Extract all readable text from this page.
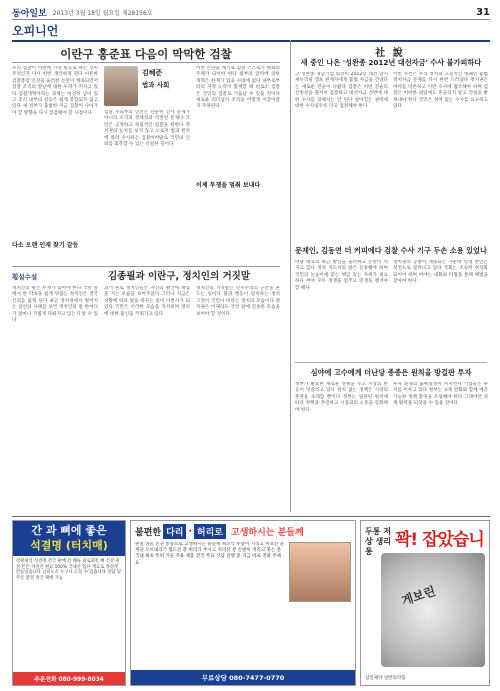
동아일보 2013년 3월 18일 월요일 제28156호	31
오피니언
이란구 홍준표 다음이 막막한 검찰
우리 검찰이 이번에 가장 필요로 하는 것이 무엇인지 다시 한번 생각하게 된다 이른바 검찰총장 인선을 둘러싼 논란이 계속되면서 검찰 조직의 앞날에 대한 우려가 커지고 있다 검찰개혁이라는 과제는 여전히 남아 있고 조직 내부의 갈등은 쉽게 봉합되지 않고 있다 새 정부가 출범한 지금 검찰이 나아가야 할 방향을 다시 점검해야 할 시점이다
김혜준
법과 사회
검찰 수뇌부의 인선은 단순한 인사 문제가 아니라 조직의 정체성과 직결된 문제다 국민은 공정하고 독립적인 검찰을 원한다 정치권의 눈치를 보지 않고 오로지 법과 원칙에 따라 수사하는 검찰이야말로 국민의 신뢰를 회복할 수 있는 유일한 길이다
이번 논란을 계기로 검찰 스스로가 변화의 주체가 되어야 한다 외부의 압력에 의한 개혁은 한계가 있을 수밖에 없다 내부로부터의 자정 노력이 함께할 때 비로소 검찰은 국민의 검찰로 거듭날 수 있을 것이다 새로운 리더십이 조직을 어떻게 이끌어갈지 주목된다
다소 오랜 인재 찾기 갈등
이제 투쟁을 멈춰 보내다
社 說
새 중인 나온 '성완종 2012년 대선자금' 수사 불가피하다
고 성완종 경남기업 회장이 2012년 대선 당시 새누리당 캠프 관계자에게 불법 자금을 건넸다는 새로운 진술이 나왔다 검찰은 이번 진술의 신빙성을 철저히 검증하고 대선자금 전반에 대한 수사를 피해서는 안 된다 살아있는 권력에 대한 수사일수록 더욱 엄정해야 한다
이번 사건은 우리 정치의 고질적인 병폐인 불법 정치자금 문제를 다시 한번 드러냈다 정치권은 여야를 막론하고 이번 수사에 협조해야 하며 검찰은 어떠한 외압에도 흔들리지 말고 진실을 밝혀내야 한다 국민은 성역 없는 수사를 요구하고 있다
문재인, 김동연 더 커피에다 검찰 수사 기구 두손 소용 있었나
야당 대표의 최근 발언을 둘러싸고 논란이 커지고 있다 정치 지도자의 말은 신중해야 하며 국민의 눈높이에 맞는 책임 있는 자세가 필요하다 여야 모두 정쟁을 멈추고 민생을 챙겨야 할 때다
정치권의 공방이 계속되는 가운데 민생 현안은 뒷전으로 밀려나고 있다 국회는 조속히 정상화되어야 하며 여야는 대화와 타협을 통해 해법을 찾아야 한다
심야에 고수에게 더난당 종종은 원칙을 방걸판 투자
정부가 발표한 새로운 정책을 두고 시장의 반응이 엇갈리고 있다 원칙 없는 정책은 시장의 혼란을 초래할 뿐이다 정부는 일관된 원칙에 따라 정책을 추진하고 시장과의 소통을 강화해야 한다
투자 환경의 불확실성이 커지면서 기업들은 투자를 미루고 있다 정부는 규제 완화와 함께 예측 가능한 정책 환경을 조성해야 한다 그래야만 경제 활력을 되찾을 수 있을 것이다
횡설수설	김종필과 이란구, 정치인의 거짓말
정치인의 말은 무게가 있어야 한다 국민 앞에서 한 약속을 쉽게 뒤집는 정치인은 결국 신뢰를 잃게 된다 최근 정치권에서 벌어지는 일련의 사태를 보면 정치인의 말 한마디가 얼마나 가볍게 다뤄지고 있는지 알 수 있다
과거 원로 정치인들은 자신의 발언에 책임을 지는 모습을 보여주었다 그러나 지금은 상황에 따라 말을 바꾸는 일이 다반사가 되었다 국민은 이러한 모습을 지켜보며 정치에 대한 불신을 키워가고 있다
정치인의 거짓말은 민주주의의 근간을 흔드는 일이다 말과 행동이 일치하는 정치 그것이 국민이 바라는 정치의 모습이다 정치권은 이제라도 국민 앞에 진솔한 모습을 보여야 할 것이다
간 과 뼈에 좋은
석결명 (터치매)
강원제석 석결명 전국 판매 간 해독 피로회복 뼈 건강 관절 튼튼 자연산 원료 100% 국내산 엄선 재료로 정성껏 만들었습니다 남녀노소 누구나 드실 수 있습니다 상담 및 주문 환영 전국 택배 가능
주문전화 080-999-8034
불편한 다리 · 허리로 고생하시는 분들께
관절 연골 신경 통증으로 고생하시는 분들께 희소식 무릎이 시리고 아프신 분 계단 오르내리기 힘드신 분 허리가 쑤시고 저리신 분 손발이 저리고 붓는 분 국내 최초 특허 기술 적용 제품 전국 무료 상담 진행 중 지금 바로 전화 주세요
무료상담 080-7477-0770
두통 저상 생리통
꽉! 잡았습니
게보린
삼진제약 일반의약품
